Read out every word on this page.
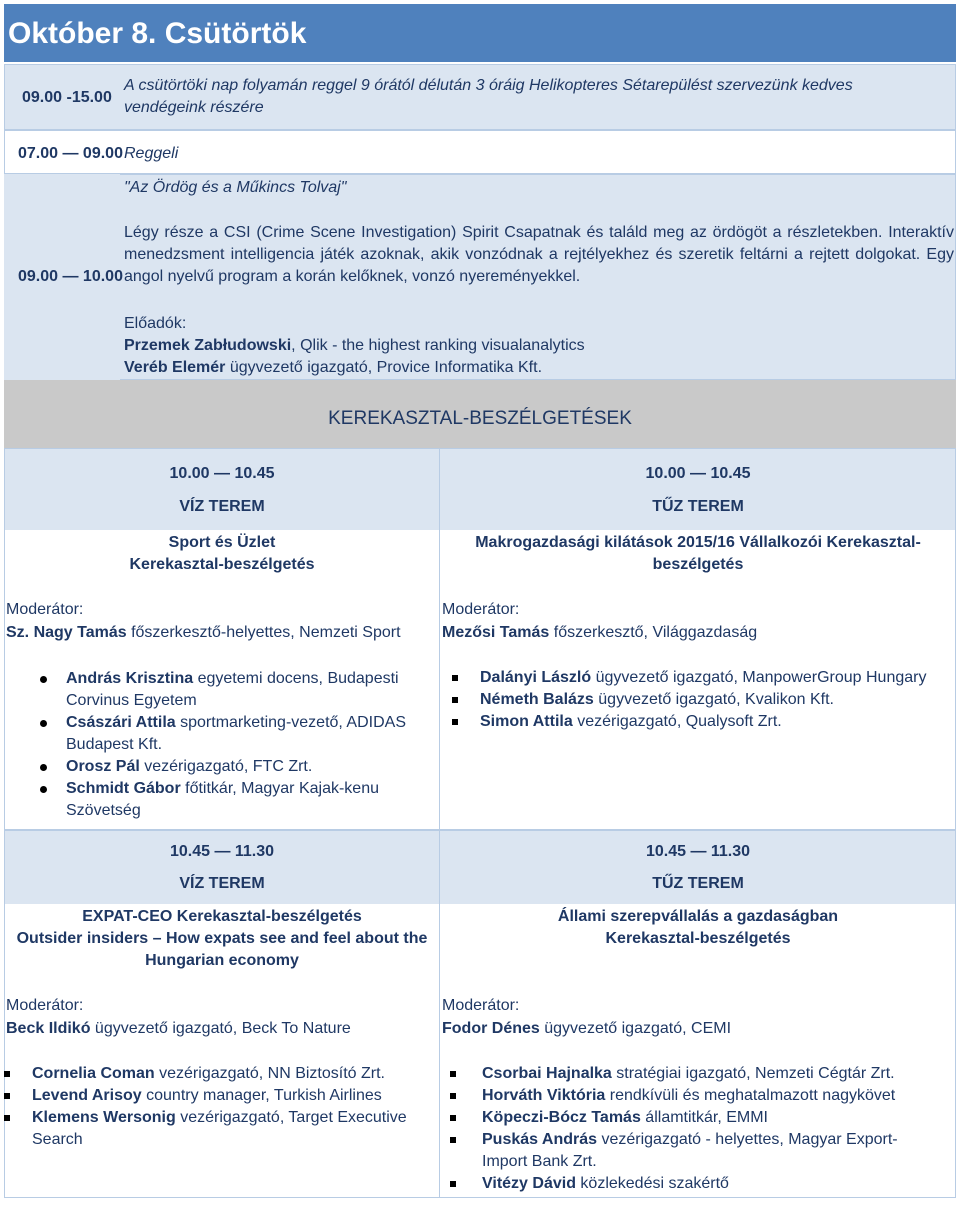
Október 8. Csütörtök
09.00 -15.00
A csütörtöki nap folyamán reggel 9 órától délután 3 óráig Helikopteres Sétarepülést szervezünk kedves vendégeink részére
07.00 — 09.00 Reggeli
09.00 — 10.00
"Az Ördög és a Műkincs Tolvaj"
Légy része a CSI (Crime Scene Investigation) Spirit Csapatnak és találd meg az ördögöt a részletekben. Interaktív menedzsment intelligencia játék azoknak, akik vonzódnak a rejtélyekhez és szeretik feltárni a rejtett dolgokat. Egy angol nyelvű program a korán kelőknek, vonzó nyereményekkel.
Előadók:
Przemek Zabłudowski, Qlik - the highest ranking visualanalytics
Veréb Elemér ügyvezető igazgató, Provice Informatika Kft.
KEREKASZTAL-BESZÉLGETÉSEK
10.00 — 10.45
VÍZ TEREM
10.00 — 10.45
TŰZ TEREM
Sport és Üzlet
Kerekasztal-beszélgetés
Makrogazdasági kilátások 2015/16 Vállalkozói Kerekasztal-
beszélgetés
Moderátor:
Sz. Nagy Tamás főszerkesztő-helyettes, Nemzeti Sport
Moderátor:
Mezősi Tamás főszerkesztő, Világgazdaság
András Krisztina egyetemi docens, Budapesti Corvinus Egyetem
Császári Attila sportmarketing-vezető, ADIDAS Budapest Kft.
Orosz Pál vezérigazgató, FTC Zrt.
Schmidt Gábor főtitkár, Magyar Kajak-kenu Szövetség
Dalányi László ügyvezető igazgató, ManpowerGroup Hungary
Németh Balázs ügyvezető igazgató, Kvalikon Kft.
Simon Attila vezérigazgató, Qualysoft Zrt.
10.45 — 11.30
VÍZ TEREM
10.45 — 11.30
TŰZ TEREM
EXPAT-CEO Kerekasztal-beszélgetés
Outsider insiders – How expats see and feel about the
Hungarian economy
Állami szerepvállalás a gazdaságban
Kerekasztal-beszélgetés
Moderátor:
Beck Ildikó ügyvezető igazgató, Beck To Nature
Moderátor:
Fodor Dénes ügyvezető igazgató, CEMI
Cornelia Coman vezérigazgató, NN Biztosító Zrt.
Levend Arisoy country manager, Turkish Airlines
Klemens Wersonig vezérigazgató, Target Executive Search
Csorbai Hajnalka stratégiai igazgató, Nemzeti Cégtár Zrt.
Horváth Viktória rendkívüli és meghatalmazott nagykövet
Köpeczi-Bócz Tamás államtitkár, EMMI
Puskás András vezérigazgató - helyettes, Magyar Export-Import Bank Zrt.
Vitézy Dávid közlekedési szakértő
